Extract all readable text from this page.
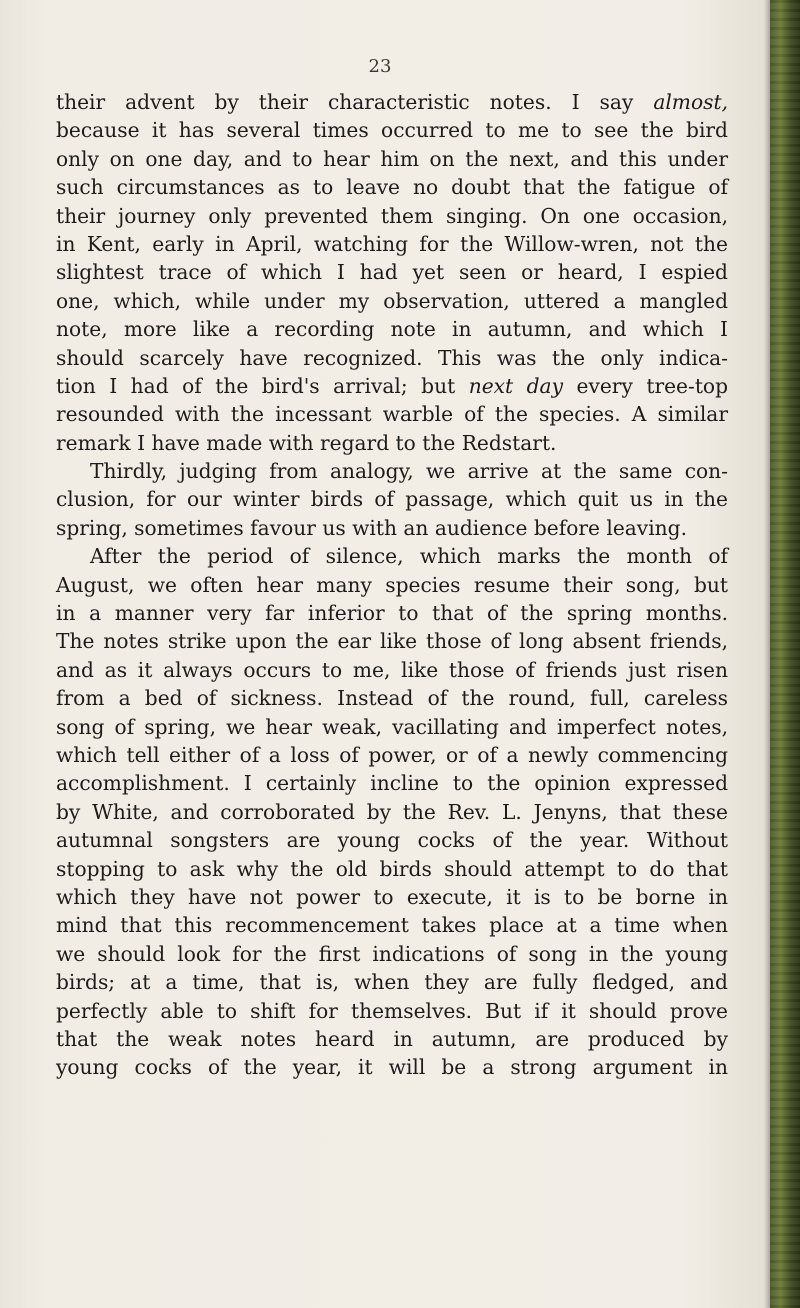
23
their advent by their characteristic notes. I say almost,
because it has several times occurred to me to see the bird
only on one day, and to hear him on the next, and this under
such circumstances as to leave no doubt that the fatigue of
their journey only prevented them singing. On one occasion,
in Kent, early in April, watching for the Willow-wren, not the
slightest trace of which I had yet seen or heard, I espied
one, which, while under my observation, uttered a mangled
note, more like a recording note in autumn, and which I
should scarcely have recognized. This was the only indica-
tion I had of the bird's arrival; but next day every tree-top
resounded with the incessant warble of the species. A similar
remark I have made with regard to the Redstart.
Thirdly, judging from analogy, we arrive at the same con-
clusion, for our winter birds of passage, which quit us in the
spring, sometimes favour us with an audience before leaving.
After the period of silence, which marks the month of
August, we often hear many species resume their song, but
in a manner very far inferior to that of the spring months.
The notes strike upon the ear like those of long absent friends,
and as it always occurs to me, like those of friends just risen
from a bed of sickness. Instead of the round, full, careless
song of spring, we hear weak, vacillating and imperfect notes,
which tell either of a loss of power, or of a newly commencing
accomplishment. I certainly incline to the opinion expressed
by White, and corroborated by the Rev. L. Jenyns, that these
autumnal songsters are young cocks of the year. Without
stopping to ask why the old birds should attempt to do that
which they have not power to execute, it is to be borne in
mind that this recommencement takes place at a time when
we should look for the first indications of song in the young
birds; at a time, that is, when they are fully fledged, and
perfectly able to shift for themselves. But if it should prove
that the weak notes heard in autumn, are produced by
young cocks of the year, it will be a strong argument in
